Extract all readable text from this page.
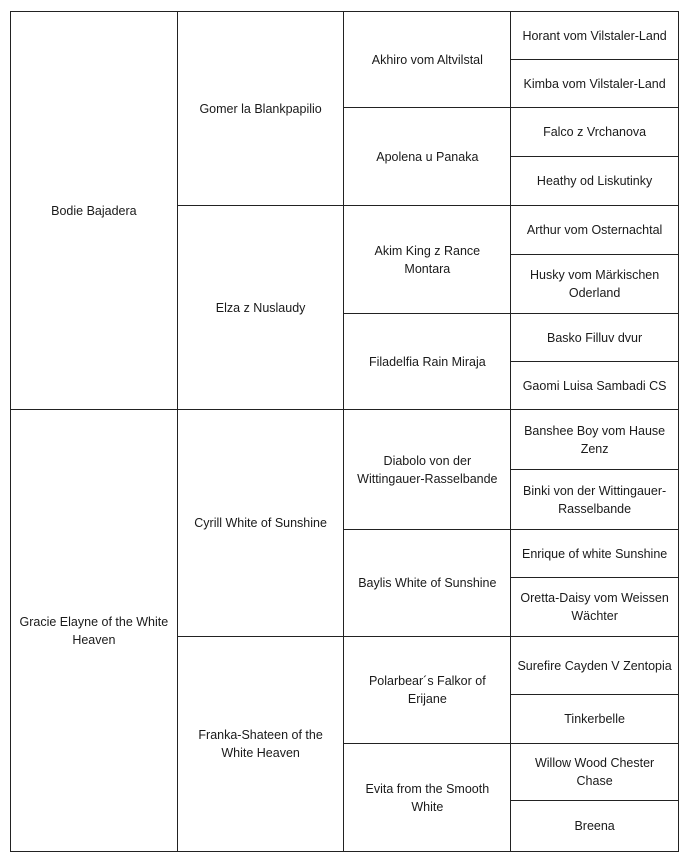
Bodie Bajadera	Gomer la Blankpapilio	Akhiro vom Altvilstal	Horant vom Vilstaler-Land
			Kimba vom Vilstaler-Land
		Apolena u Panaka	Falco z Vrchanova
			Heathy od Liskutinky
	Elza z Nuslaudy	Akim King z Rance Montara	Arthur vom Osternachtal
			Husky vom Märkischen Oderland
		Filadelfia Rain Miraja	Basko Filluv dvur
			Gaomi Luisa Sambadi CS
Gracie Elayne of the White Heaven	Cyrill White of Sunshine	Diabolo von der Wittingauer-Rasselbande	Banshee Boy vom Hause Zenz
			Binki von der Wittingauer-Rasselbande
		Baylis White of Sunshine	Enrique of white Sunshine
			Oretta-Daisy vom Weissen Wächter
	Franka-Shateen of the White Heaven	Polarbear´s Falkor of Erijane	Surefire Cayden V Zentopia
			Tinkerbelle
		Evita from the Smooth White	Willow Wood Chester Chase
			Breena
